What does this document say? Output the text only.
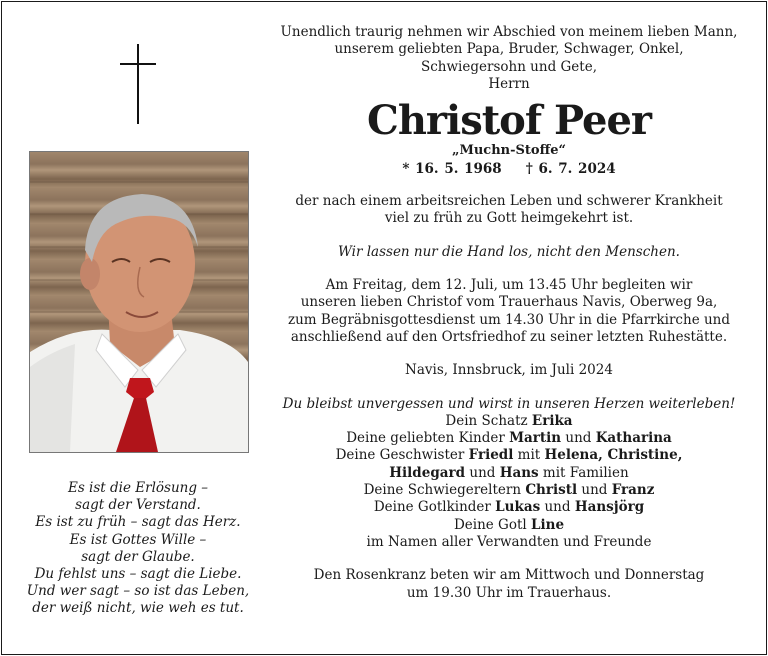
Es ist die Erlösung –
sagt der Verstand.
Es ist zu früh – sagt das Herz.
Es ist Gottes Wille –
sagt der Glaube.
Du fehlst uns – sagt die Liebe.
Und wer sagt – so ist das Leben,
der weiß nicht, wie weh es tut.
Unendlich traurig nehmen wir Abschied von meinem lieben Mann,
unserem geliebten Papa, Bruder, Schwager, Onkel,
Schwiegersohn und Gete,
Herrn
Christof Peer
„Muchn-Stoffe“
* 16. 5. 1968 † 6. 7. 2024
der nach einem arbeitsreichen Leben und schwerer Krankheit
viel zu früh zu Gott heimgekehrt ist.
Wir lassen nur die Hand los, nicht den Menschen.
Am Freitag, dem 12. Juli, um 13.45 Uhr begleiten wir
unseren lieben Christof vom Trauerhaus Navis, Oberweg 9a,
zum Begräbnisgottesdienst um 14.30 Uhr in die Pfarrkirche und
anschließend auf den Ortsfriedhof zu seiner letzten Ruhestätte.
Navis, Innsbruck, im Juli 2024
Du bleibst unvergessen und wirst in unseren Herzen weiterleben!
Dein Schatz Erika
Deine geliebten Kinder Martin und Katharina
Deine Geschwister Friedl mit Helena, Christine,
Hildegard und Hans mit Familien
Deine Schwiegereltern Christl und Franz
Deine Gotlkinder Lukas und Hansjörg
Deine Gotl Line
im Namen aller Verwandten und Freunde
Den Rosenkranz beten wir am Mittwoch und Donnerstag
um 19.30 Uhr im Trauerhaus.
